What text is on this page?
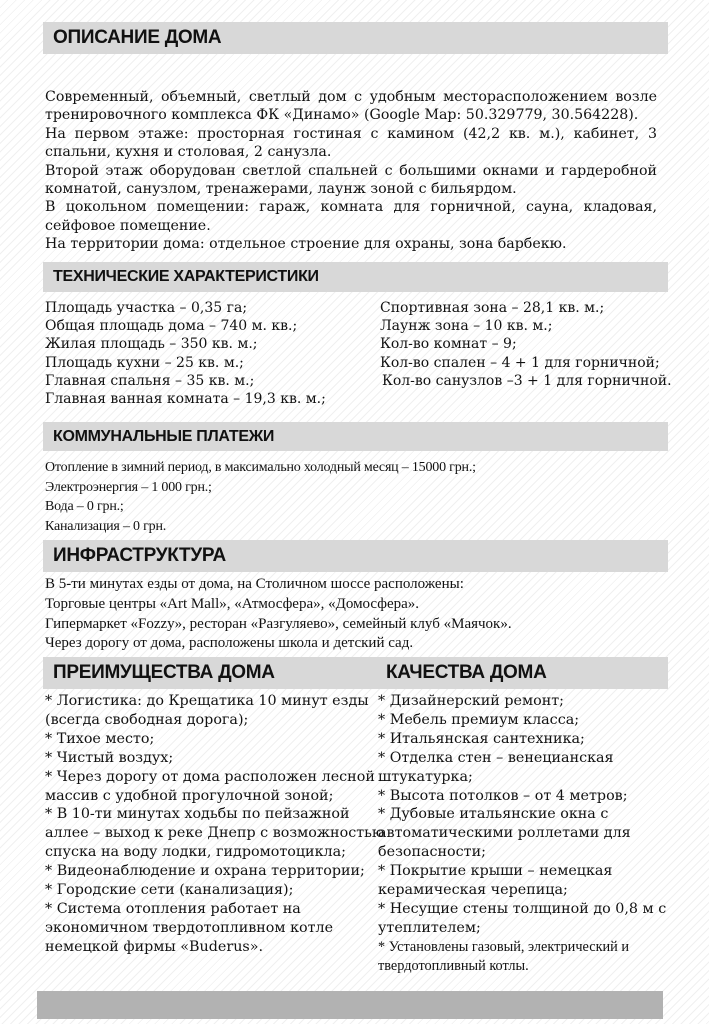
ОПИСАНИЕ ДОМА

Современный, объемный, светлый дом с удобным месторасположением возле тренировочного комплекса ФК «Динамо» (Google Map: 50.329779, 30.564228).

На первом этаже: просторная гостиная с камином (42,2 кв. м.), кабинет, 3 спальни, кухня и столовая, 2 санузла.

Второй этаж оборудован светлой спальней с большими окнами и гардеробной комнатой, санузлом, тренажерами, лаунж зоной с бильярдом.

В цокольном помещении: гараж, комната для горничной, сауна, кладовая, сейфовое помещение.

На территории дома: отдельное строение для охраны, зона барбекю.

ТЕХНИЧЕСКИЕ ХАРАКТЕРИСТИКИ
Площадь участка – 0,35 га;
Общая площадь дома – 740 м. кв.;
Жилая площадь – 350 кв. м.;
Площадь кухни – 25 кв. м.;
Главная спальня – 35 кв. м.;
Главная ванная комната – 19,3 кв. м.;
Спортивная зона – 28,1 кв. м.;
Лаунж зона – 10 кв. м.;
Кол-во комнат – 9;
Кол-во спален – 4 + 1 для горничной;
Кол-во санузлов –3 + 1 для горничной.
КОММУНАЛЬНЫЕ ПЛАТЕЖИ
Отопление в зимний период, в максимально холодный месяц – 15000 грн.;
Электроэнергия – 1 000 грн.;
Вода – 0 грн.;
Канализация – 0 грн.
ИНФРАСТРУКТУРА
В 5-ти минутах езды от дома, на Столичном шоссе расположены:
Торговые центры «Art Mall», «Атмосфера», «Домосфера».
Гипермаркет «Fozzy», ресторан «Разгуляево», семейный клуб «Маячок».
Через дорогу от дома, расположены школа и детский сад.
ПРЕИМУЩЕСТВА ДОМА	КАЧЕСТВА ДОМА
* Логистика: до Крещатика 10 минут езды
(всегда свободная дорога);
* Тихое место;
* Чистый воздух;
* Через дорогу от дома расположен лесной
массив с удобной прогулочной зоной;
* В 10-ти минутах ходьбы по пейзажной
аллее – выход к реке Днепр с возможностью
спуска на воду лодки, гидромотоцикла;
* Видеонаблюдение и охрана территории;
* Городские сети (канализация);
* Система отопления работает на
экономичном твердотопливном котле
немецкой фирмы «Buderus».
* Дизайнерский ремонт;
* Мебель премиум класса;
* Итальянская сантехника;
* Отделка стен – венецианская
штукатурка;
* Высота потолков – от 4 метров;
* Дубовые итальянские окна с
автоматическими роллетами для
безопасности;
* Покрытие крыши – немецкая
керамическая черепица;
* Несущие стены толщиной до 0,8 м с
утеплителем;
* Установлены газовый, электрический и
твердотопливный котлы.
